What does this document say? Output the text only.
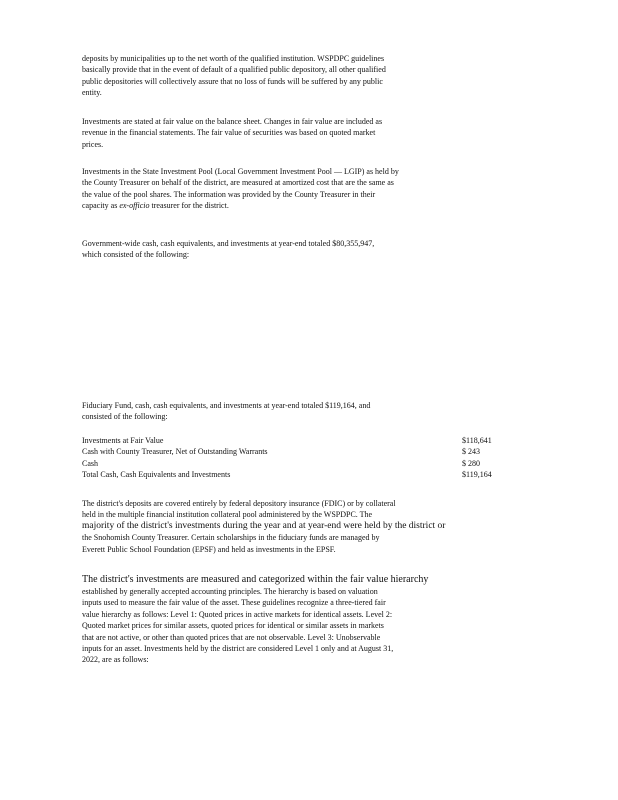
deposits by municipalities up to the net worth of the qualified institution. WSPDPC guidelines
basically provide that in the event of default of a qualified public depository, all other qualified
public depositories will collectively assure that no loss of funds will be suffered by any public
entity.

Investments are stated at fair value on the balance sheet. Changes in fair value are included as
revenue in the financial statements. The fair value of securities was based on quoted market
prices.

Investments in the State Investment Pool (Local Government Investment Pool — LGIP) as held by
the County Treasurer on behalf of the district, are measured at amortized cost that are the same as
the value of the pool shares. The information was provided by the County Treasurer in their
capacity as ex-officio treasurer for the district.

Government-wide cash, cash equivalents, and investments at year-end totaled $80,355,947,
which consisted of the following:

Fiduciary Fund, cash, cash equivalents, and investments at year-end totaled $119,164, and
consisted of the following:

Investments at Fair Value	$118,641
Cash with County Treasurer, Net of Outstanding Warrants	$ 243
Cash	$ 280
Total Cash, Cash Equivalents and Investments	$119,164

The district's deposits are covered entirely by federal depository insurance (FDIC) or by collateral
held in the multiple financial institution collateral pool administered by the WSPDPC. The
majority of the district's investments during the year and at year-end were held by the district or
the Snohomish County Treasurer. Certain scholarships in the fiduciary funds are managed by
Everett Public School Foundation (EPSF) and held as investments in the EPSF.

The district's investments are measured and categorized within the fair value hierarchy
established by generally accepted accounting principles. The hierarchy is based on valuation
inputs used to measure the fair value of the asset. These guidelines recognize a three-tiered fair
value hierarchy as follows: Level 1: Quoted prices in active markets for identical assets. Level 2:
Quoted market prices for similar assets, quoted prices for identical or similar assets in markets
that are not active, or other than quoted prices that are not observable. Level 3: Unobservable
inputs for an asset. Investments held by the district are considered Level 1 only and at August 31,
2022, are as follows:
